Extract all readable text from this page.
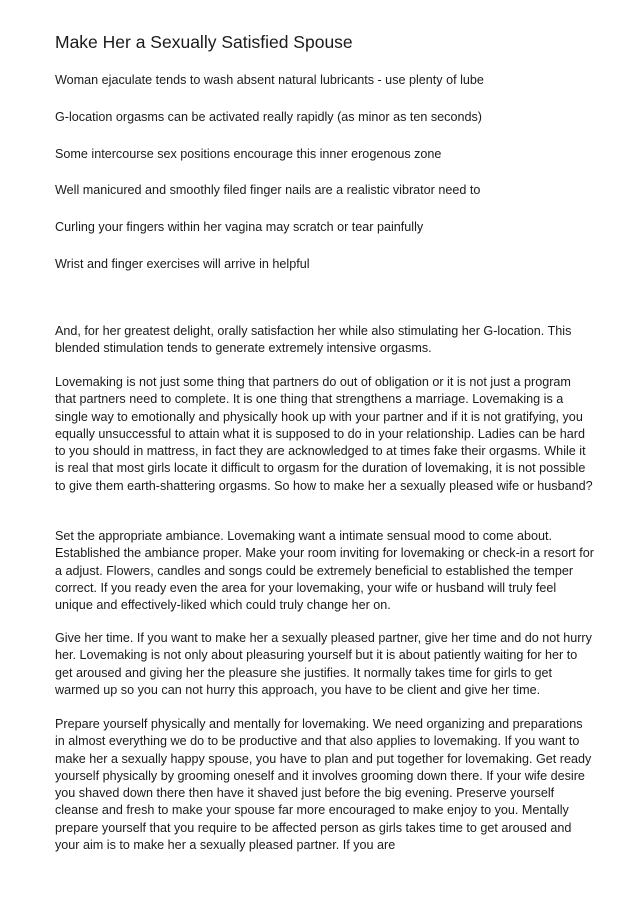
Make Her a Sexually Satisfied Spouse

Woman ejaculate tends to wash absent natural lubricants - use plenty of lube

G-location orgasms can be activated really rapidly (as minor as ten seconds)

Some intercourse sex positions encourage this inner erogenous zone

Well manicured and smoothly filed finger nails are a realistic vibrator need to

Curling your fingers within her vagina may scratch or tear painfully

Wrist and finger exercises will arrive in helpful

And, for her greatest delight, orally satisfaction her while also stimulating her G-location. This blended stimulation tends to generate extremely intensive orgasms.

Lovemaking is not just some thing that partners do out of obligation or it is not just a program that partners need to complete. It is one thing that strengthens a marriage. Lovemaking is a single way to emotionally and physically hook up with your partner and if it is not gratifying, you equally unsuccessful to attain what it is supposed to do in your relationship. Ladies can be hard to you should in mattress, in fact they are acknowledged to at times fake their orgasms. While it is real that most girls locate it difficult to orgasm for the duration of lovemaking, it is not possible to give them earth-shattering orgasms. So how to make her a sexually pleased wife or husband?

Set the appropriate ambiance. Lovemaking want a intimate sensual mood to come about. Established the ambiance proper. Make your room inviting for lovemaking or check-in a resort for a adjust. Flowers, candles and songs could be extremely beneficial to established the temper correct. If you ready even the area for your lovemaking, your wife or husband will truly feel unique and effectively-liked which could truly change her on.

Give her time. If you want to make her a sexually pleased partner, give her time and do not hurry her. Lovemaking is not only about pleasuring yourself but it is about patiently waiting for her to get aroused and giving her the pleasure she justifies. It normally takes time for girls to get warmed up so you can not hurry this approach, you have to be client and give her time.

Prepare yourself physically and mentally for lovemaking. We need organizing and preparations in almost everything we do to be productive and that also applies to lovemaking. If you want to make her a sexually happy spouse, you have to plan and put together for lovemaking. Get ready yourself physically by grooming oneself and it involves grooming down there. If your wife desire you shaved down there then have it shaved just before the big evening. Preserve yourself cleanse and fresh to make your spouse far more encouraged to make enjoy to you. Mentally prepare yourself that you require to be affected person as girls takes time to get aroused and your aim is to make her a sexually pleased partner. If you are
